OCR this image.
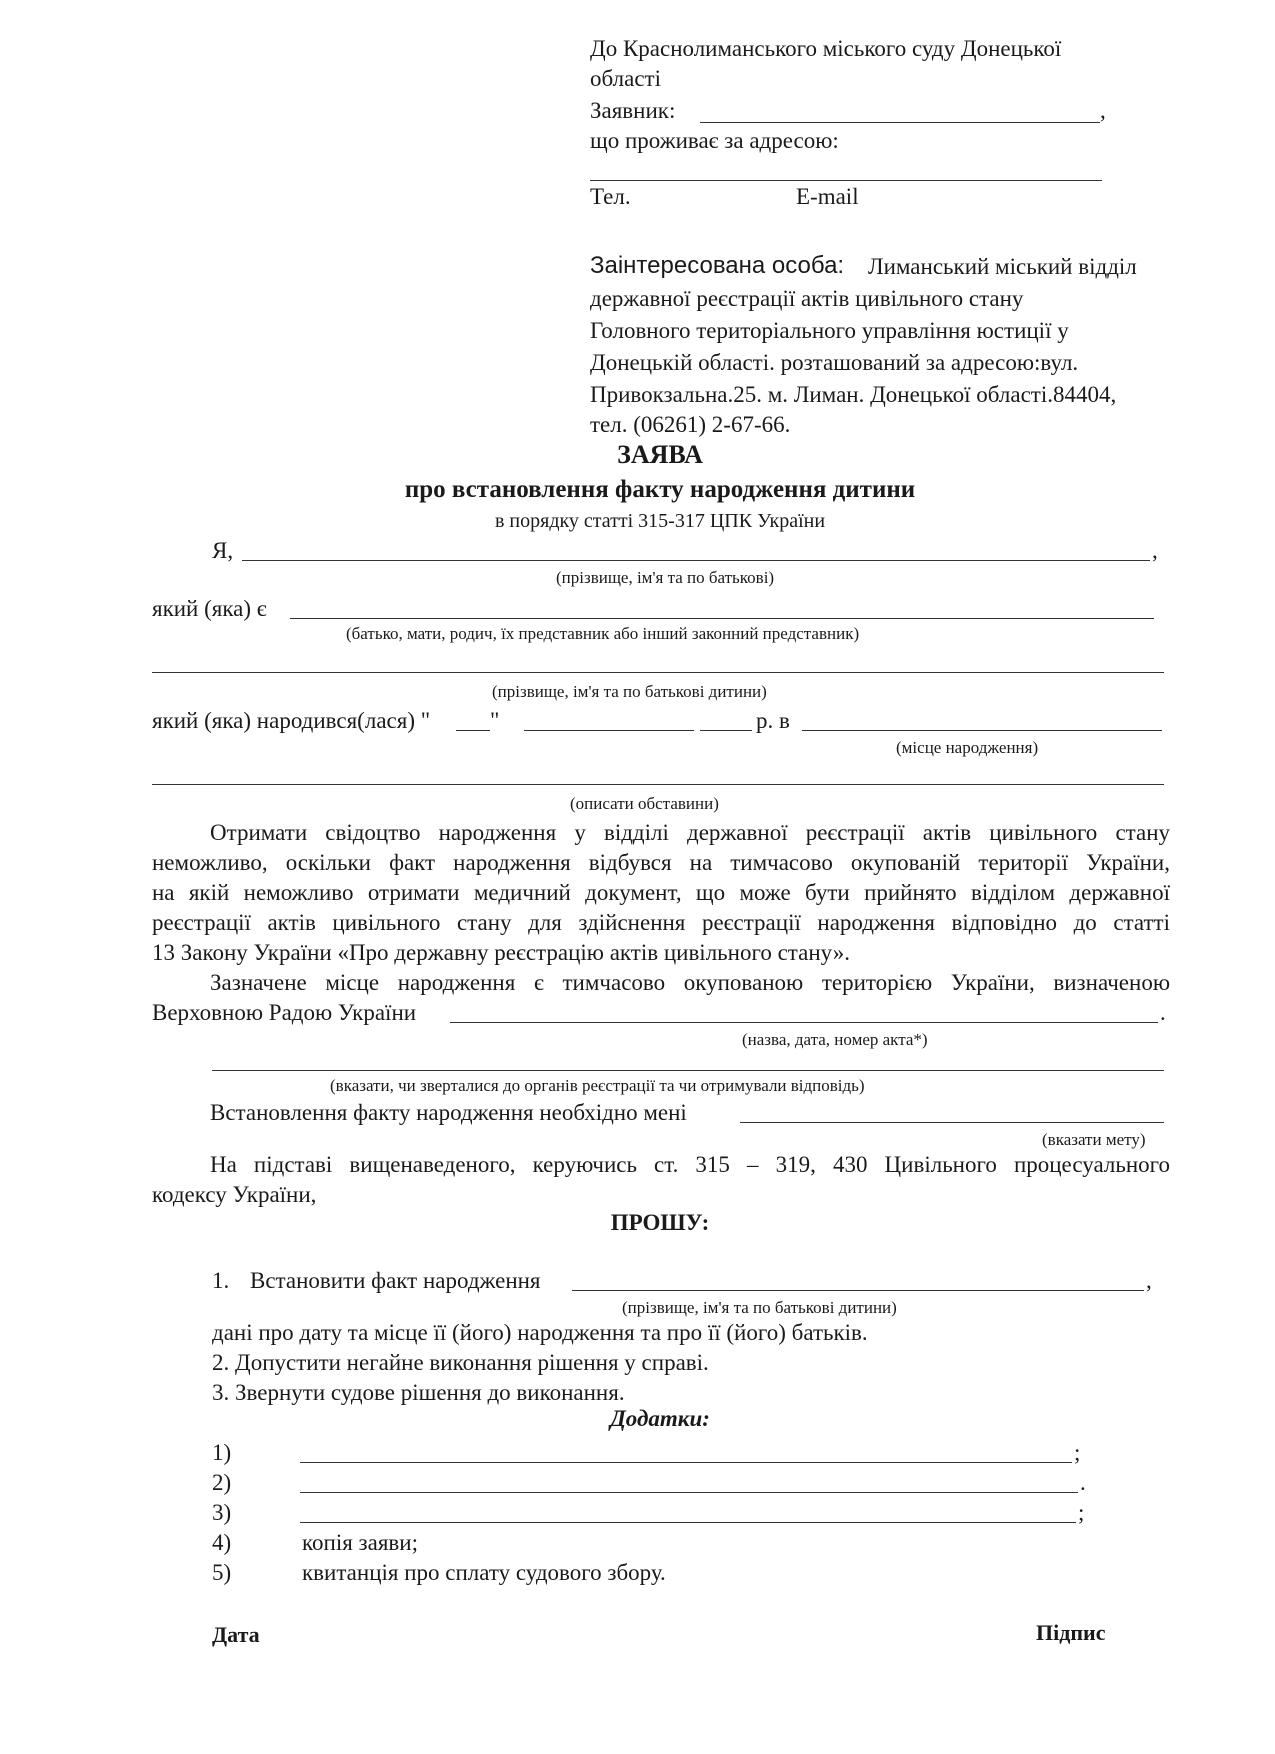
До Краснолиманського міського суду Донецької
області
Заявник:	,
що проживає за адресою:
Тел.	E-mail
Заінтересована особа: Лиманський міський відділ
державної реєстрації актів цивільного стану
Головного територіального управління юстиції у
Донецькій області. розташований за адресою:вул.
Привокзальна.25. м. Лиман. Донецької області.84404,
тел. (06261) 2-67-66.
ЗАЯВА
про встановлення факту народження дитини
в порядку статті 315-317 ЦПК України
Я,	,
(прізвище, ім'я та по батькові)
який (яка) є
(батько, мати, родич, їх представник або інший законний представник)
(прізвище, ім'я та по батькові дитини)
який (яка) народився(лася) "	"	р. в
(місце народження)
(описати обставини)
Отримати свідоцтво народження у відділі державної реєстрації актів цивільного стану
неможливо, оскільки факт народження відбувся на тимчасово окупованій території України,
на якій неможливо отримати медичний документ, що може бути прийнято відділом державної
реєстрації актів цивільного стану для здійснення реєстрації народження відповідно до статті
13 Закону України «Про державну реєстрацію актів цивільного стану».
Зазначене місце народження є тимчасово окупованою територією України, визначеною
Верховною Радою України	.
(назва, дата, номер акта*)
(вказати, чи зверталися до органів реєстрації та чи отримували відповідь)
Встановлення факту народження необхідно мені
(вказати мету)
На підставі вищенаведеного, керуючись ст. 315 – 319, 430 Цивільного процесуального
кодексу України,
ПРОШУ:
1. Встановити факт народження	,
(прізвище, ім'я та по батькові дитини)
дані про дату та місце її (його) народження та про її (його) батьків.
2. Допустити негайне виконання рішення у справі.
3. Звернути судове рішення до виконання.
Додатки:
1)	;
2)	.
3)	;
4)	копія заяви;
5)	квитанція про сплату судового збору.
Дата	Підпис
